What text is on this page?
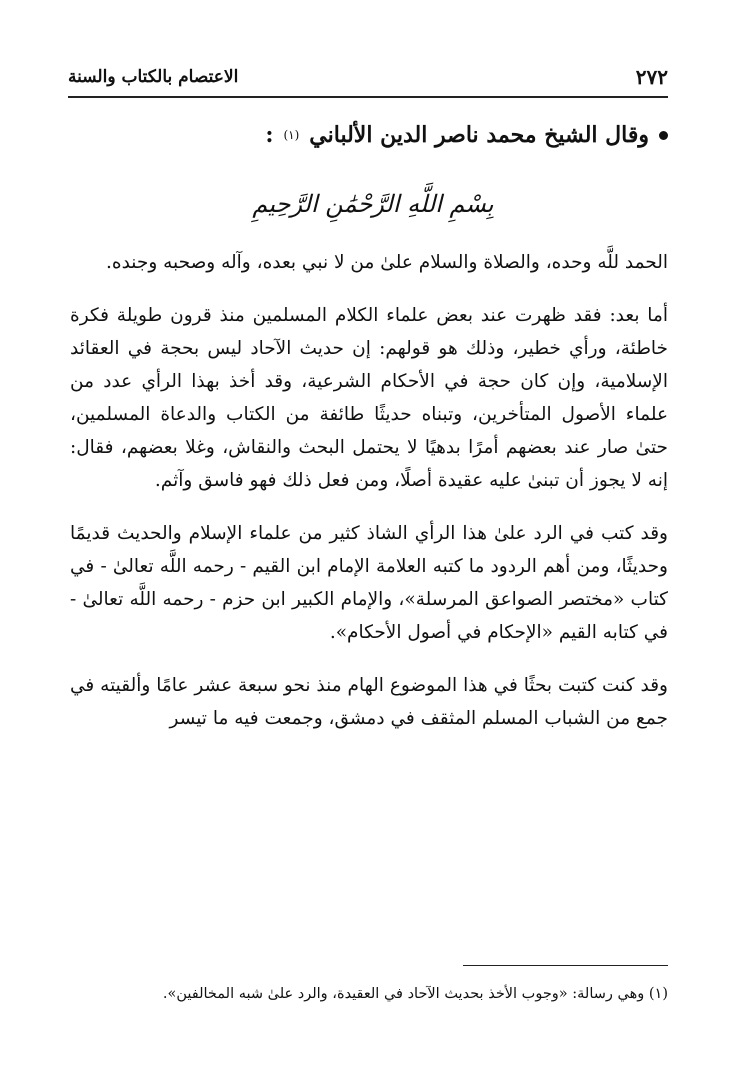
٢٧٢
الاعتصام بالكتاب والسنة
وقال الشيخ محمد ناصر الدين الألباني
(١)
:
بِسْمِ اللَّهِ الرَّحْمَٰنِ الرَّحِيمِ

الحمد للَّه وحده، والصلاة والسلام علىٰ من لا نبي بعده، وآله وصحبه وجنده.

أما بعد: فقد ظهرت عند بعض علماء الكلام المسلمين منذ قرون طويلة فكرة خاطئة، ورأي خطير، وذلك هو قولهم: إن حديث الآحاد ليس بحجة في العقائد الإسلامية، وإن كان حجة في الأحكام الشرعية، وقد أخذ بهذا الرأي عدد من علماء الأصول المتأخرين، وتبناه حديثًا طائفة من الكتاب والدعاة المسلمين، حتىٰ صار عند بعضهم أمرًا بدهيًا لا يحتمل البحث والنقاش، وغلا بعضهم، فقال: إنه لا يجوز أن تبنىٰ عليه عقيدة أصلًا، ومن فعل ذلك فهو فاسق وآثم.

وقد كتب في الرد علىٰ هذا الرأي الشاذ كثير من علماء الإسلام والحديث قديمًا وحديثًا، ومن أهم الردود ما كتبه العلامة الإمام ابن القيم - رحمه اللَّه تعالىٰ - في كتاب «مختصر الصواعق المرسلة»، والإمام الكبير ابن حزم - رحمه اللَّه تعالىٰ - في كتابه القيم «الإحكام في أصول الأحكام».

وقد كنت كتبت بحثًا في هذا الموضوع الهام منذ نحو سبعة عشر عامًا وألقيته في جمع من الشباب المسلم المثقف في دمشق، وجمعت فيه ما تيسر

(١) وهي رسالة: «وجوب الأخذ بحديث الآحاد في العقيدة، والرد علىٰ شبه المخالفين».
